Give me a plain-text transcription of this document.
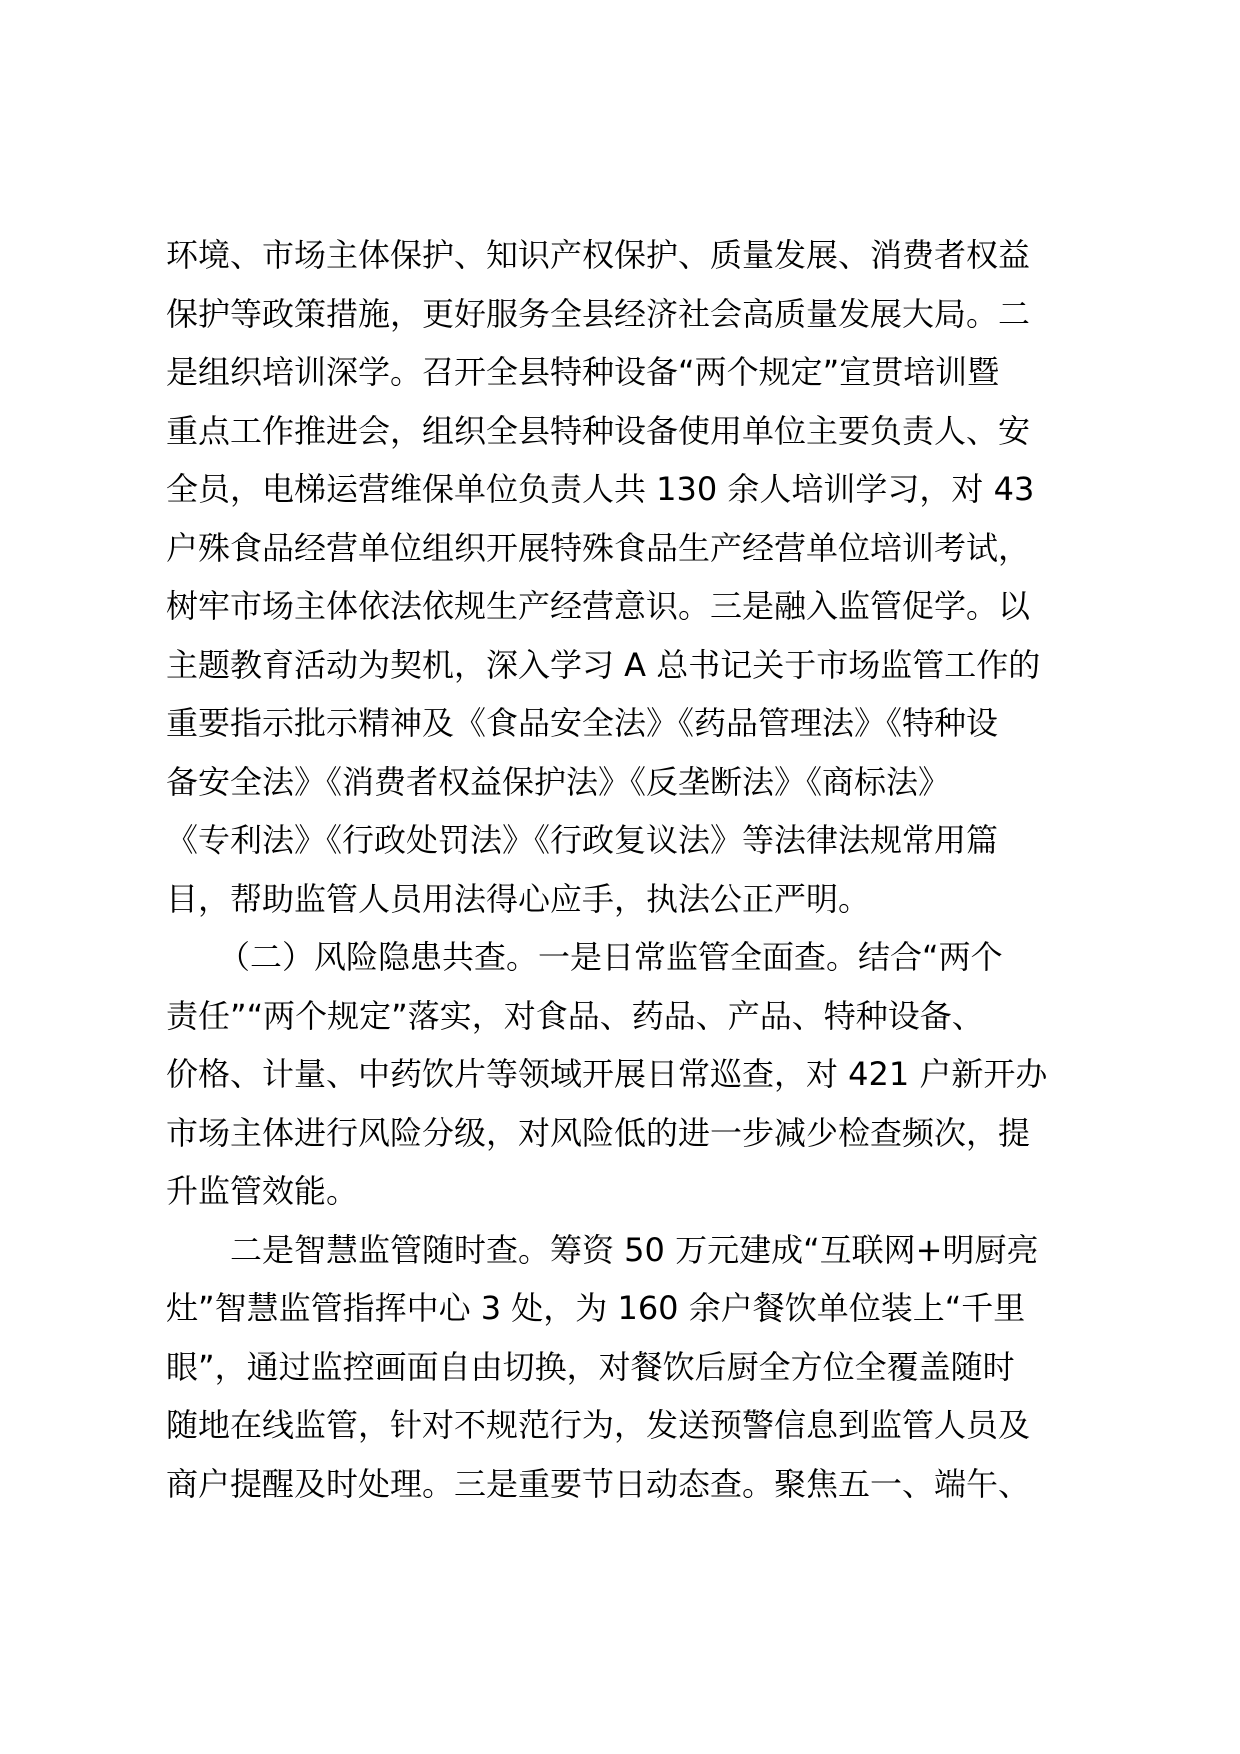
环境、市场主体保护、知识产权保护、质量发展、消费者权益
保护等政策措施，更好服务全县经济社会高质量发展大局。二
是组织培训深学。召开全县特种设备“两个规定”宣贯培训暨
重点工作推进会，组织全县特种设备使用单位主要负责人、安
全员，电梯运营维保单位负责人共 130 余人培训学习，对 43
户殊食品经营单位组织开展特殊食品生产经营单位培训考试，
树牢市场主体依法依规生产经营意识。三是融入监管促学。以
主题教育活动为契机，深入学习 A 总书记关于市场监管工作的
重要指示批示精神及《食品安全法》《药品管理法》《特种设
备安全法》《消费者权益保护法》《反垄断法》《商标法》
《专利法》《行政处罚法》《行政复议法》等法律法规常用篇
目，帮助监管人员用法得心应手，执法公正严明。
（二）风险隐患共查。一是日常监管全面查。结合“两个
责任”“两个规定”落实，对食品、药品、产品、特种设备、
价格、计量、中药饮片等领域开展日常巡查，对 421 户新开办
市场主体进行风险分级，对风险低的进一步减少检查频次，提
升监管效能。
二是智慧监管随时查。筹资 50 万元建成“互联网+明厨亮
灶”智慧监管指挥中心 3 处，为 160 余户餐饮单位装上“千里
眼”，通过监控画面自由切换，对餐饮后厨全方位全覆盖随时
随地在线监管，针对不规范行为，发送预警信息到监管人员及
商户提醒及时处理。三是重要节日动态查。聚焦五一、端午、
